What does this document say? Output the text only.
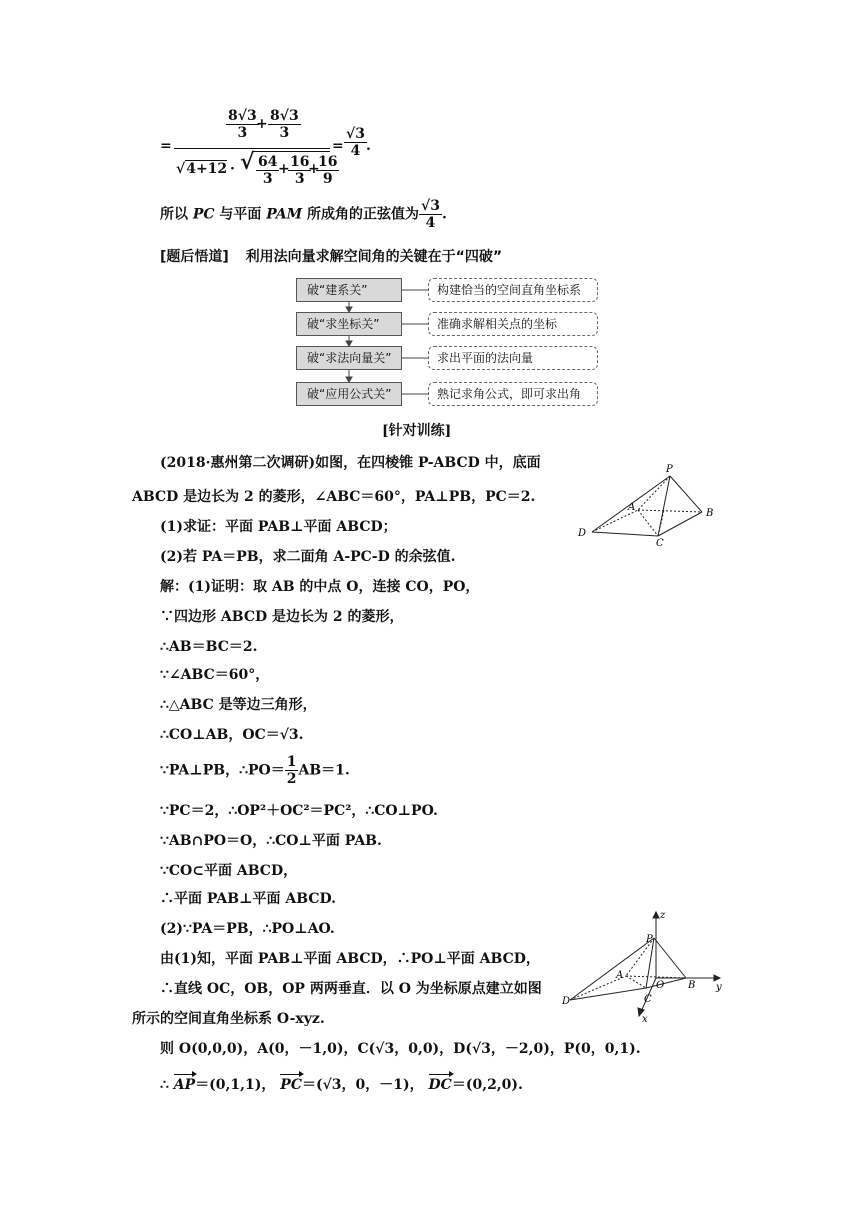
=
$\frac{8√3}{3}$
+ $\frac{8√3}{3}$
√4+12 · √ $\frac{64}{3}$
+
$\frac{16}{3}$
+
$\frac{16}{9}$
= $\frac{√3}{4}$ .
所以 PC 与平面 PAM 所成角的正弦值为 $\frac{√3}{4}$ .
[题后悟道] 利用法向量求解空间角的关键在于“四破”
破“建系关”	构建恰当的空间直角坐标系
破“求坐标关”	准确求解相关点的坐标
破“求法向量关”	求出平面的法向量
破“应用公式关”	熟记求角公式，即可求出角
[针对训练]
(2018·惠州第二次调研)如图，在四棱锥 P-ABCD 中，底面
ABCD 是边长为 2 的菱形，∠ABC＝60°，PA⊥PB，PC＝2.
(1)求证：平面 PAB⊥平面 ABCD；
(2)若 PA＝PB，求二面角 A-PC-D 的余弦值.
P
A
B
C
D
解：(1)证明：取 AB 的中点 O，连接 CO，PO，
∵四边形 ABCD 是边长为 2 的菱形，
∴AB＝BC＝2.
∵∠ABC＝60°，
∴△ABC 是等边三角形，
∴CO⊥AB，OC＝√3.
∵PA⊥PB，∴PO＝ $\frac{1}{2} AB=1$.
∵PC＝2，∴OP²＋OC²＝PC²，∴CO⊥PO.
∵AB∩PO＝O，∴CO⊥平面 PAB.
∵CO⊂平面 ABCD，
∴平面 PAB⊥平面 ABCD.
(2)∵PA＝PB，∴PO⊥AO.
由(1)知，平面 PAB⊥平面 ABCD，∴PO⊥平面 ABCD，
∴直线 OC，OB，OP 两两垂直．以 O 为坐标原点建立如图
所示的空间直角坐标系 O-xyz.
则 O(0,0,0)，A(0，－1,0)，C(√3，0,0)，D(√3，－2,0)，P(0，0,1).
∴ AP＝(0,1,1)， PC＝(√3，0，－1)， DC＝(0,2,0).
z
P
A
O B y
C
D
x
